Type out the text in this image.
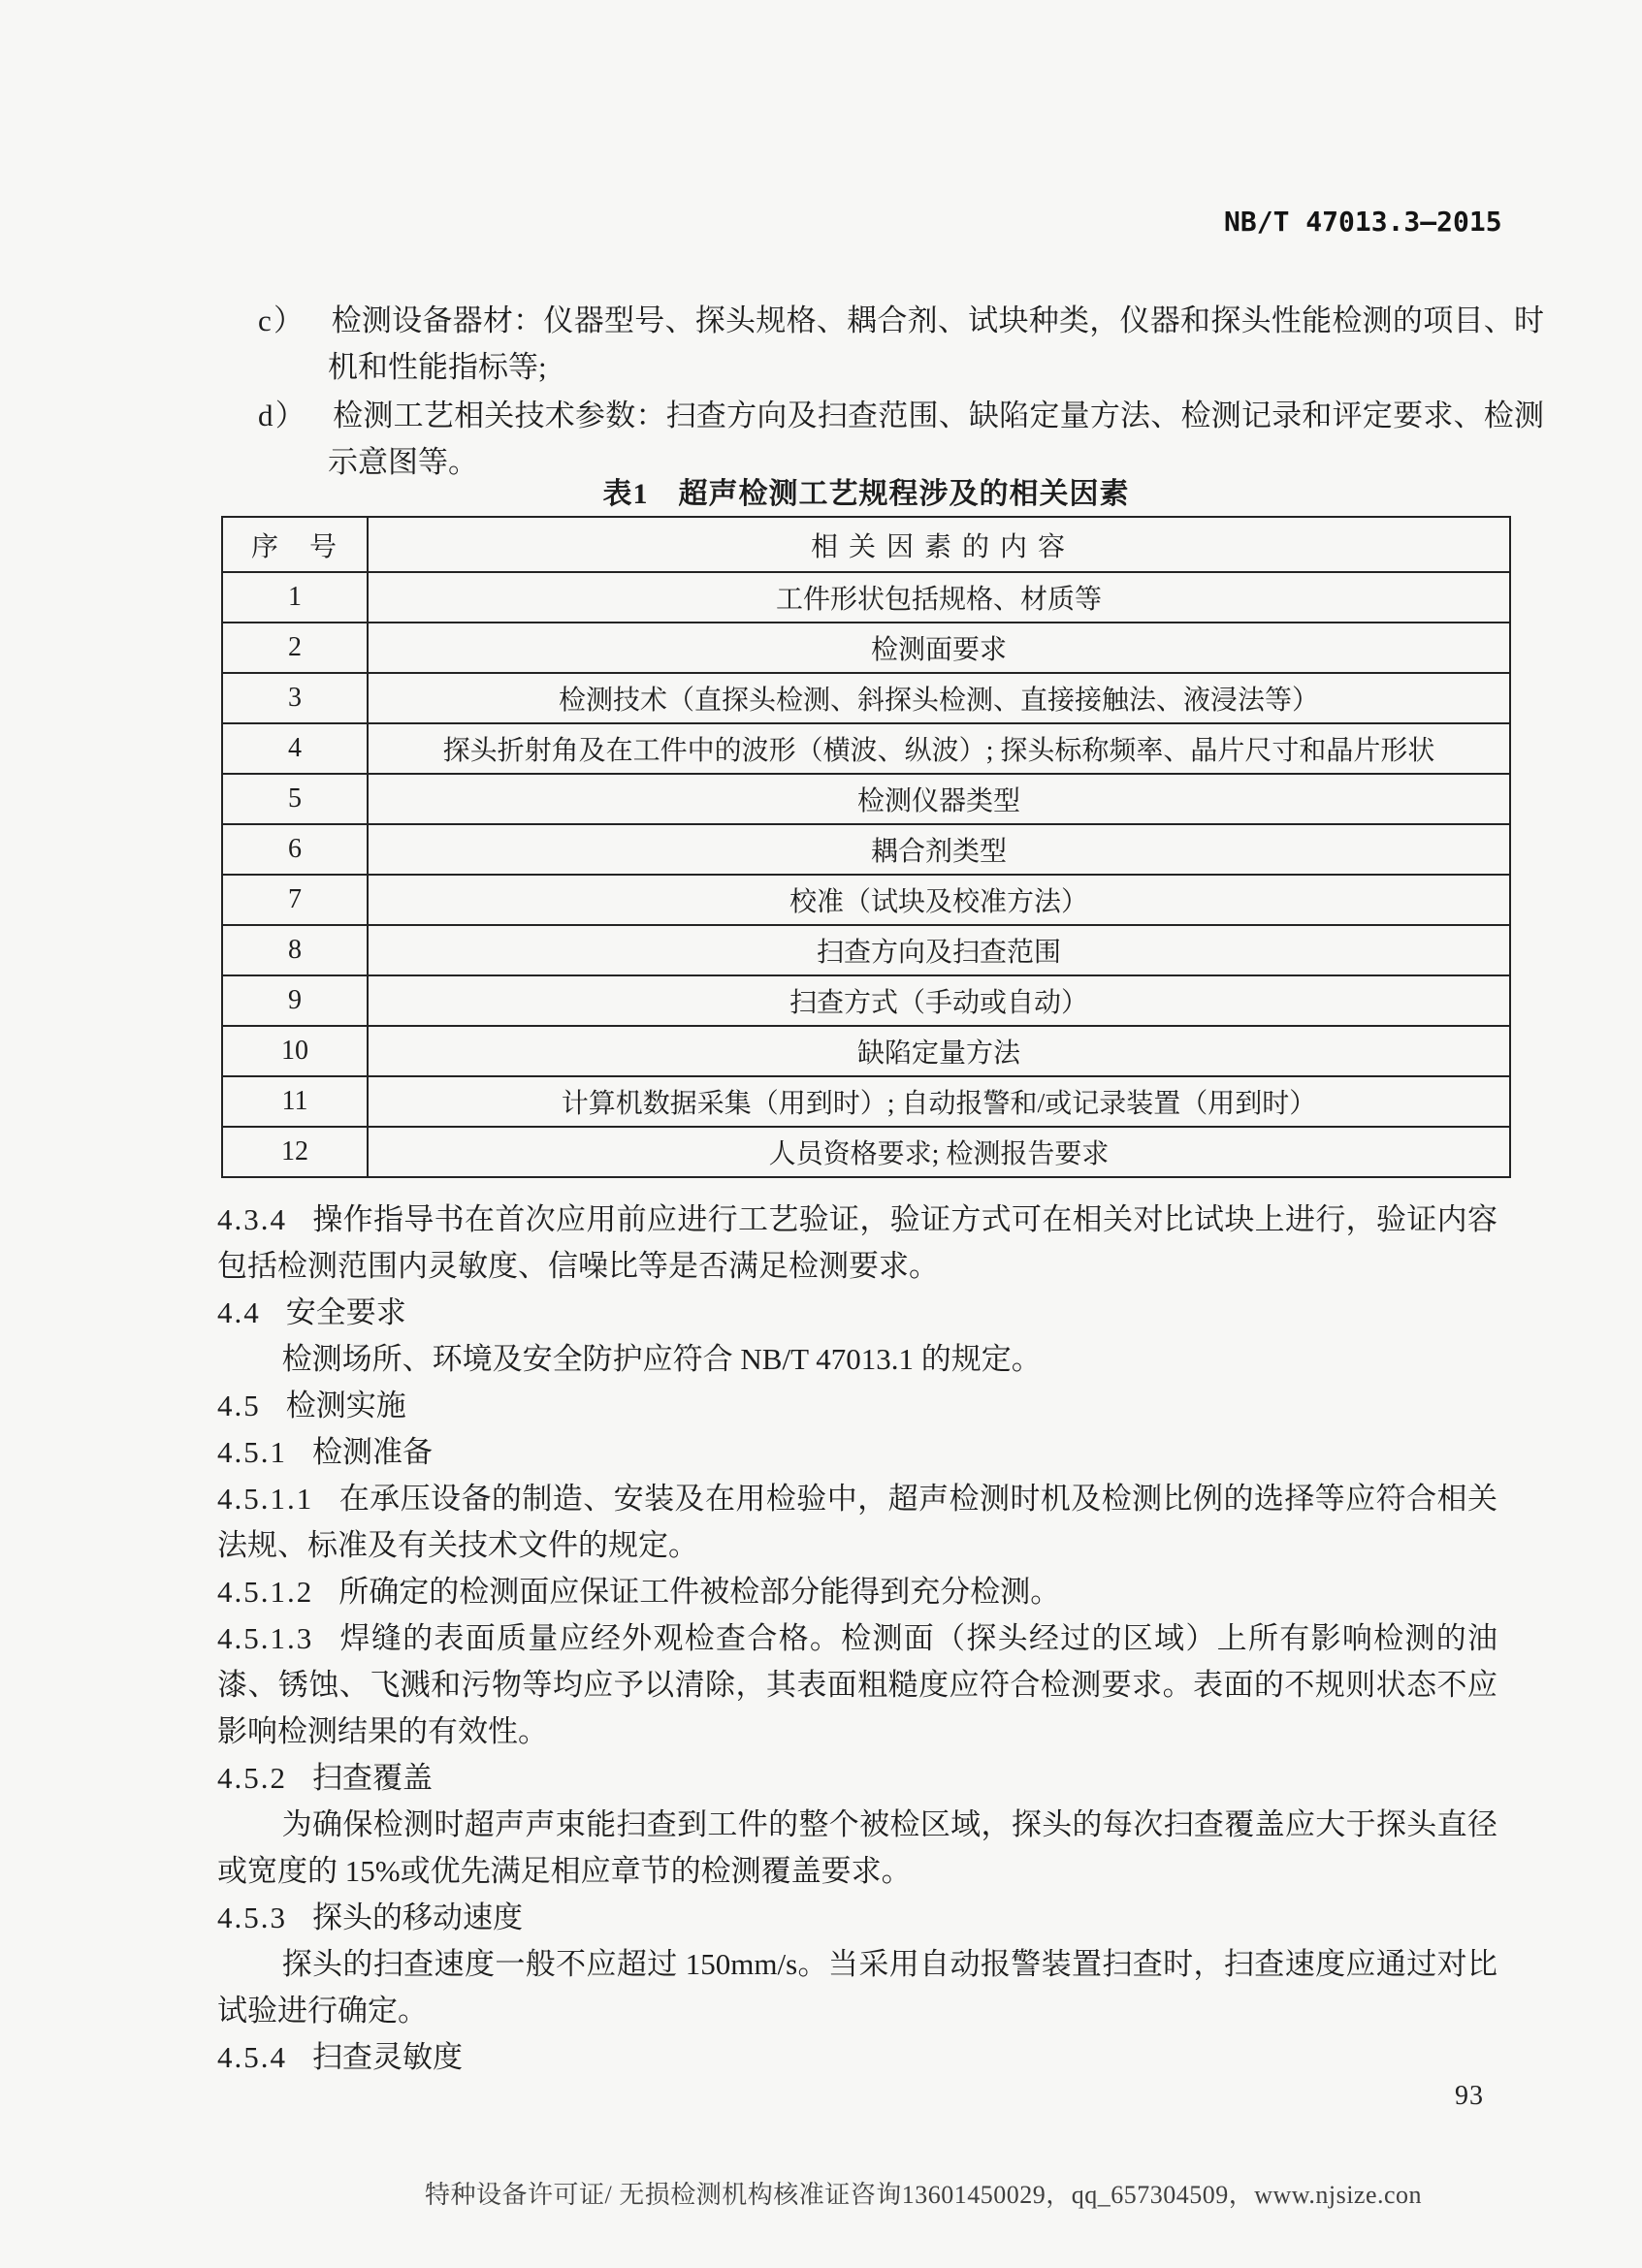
NB/T 47013.3—2015

c） 检测设备器材：仪器型号、探头规格、耦合剂、试块种类，仪器和探头性能检测的项目、时机和性能指标等;

d） 检测工艺相关技术参数：扫查方向及扫查范围、缺陷定量方法、检测记录和评定要求、检测示意图等。

表1　超声检测工艺规程涉及的相关因素
序　号	相 关 因 素 的 内 容
1	工件形状包括规格、材质等
2	检测面要求
3	检测技术（直探头检测、斜探头检测、直接接触法、液浸法等）
4	探头折射角及在工件中的波形（横波、纵波）; 探头标称频率、晶片尺寸和晶片形状
5	检测仪器类型
6	耦合剂类型
7	校准（试块及校准方法）
8	扫查方向及扫查范围
9	扫查方式（手动或自动）
10	缺陷定量方法
11	计算机数据采集（用到时）; 自动报警和/或记录装置（用到时）
12	人员资格要求; 检测报告要求

4.3.4 操作指导书在首次应用前应进行工艺验证，验证方式可在相关对比试块上进行，验证内容包括检测范围内灵敏度、信噪比等是否满足检测要求。

4.4 安全要求

检测场所、环境及安全防护应符合 NB/T 47013.1 的规定。

4.5 检测实施

4.5.1 检测准备

4.5.1.1 在承压设备的制造、安装及在用检验中，超声检测时机及检测比例的选择等应符合相关法规、标准及有关技术文件的规定。

4.5.1.2 所确定的检测面应保证工件被检部分能得到充分检测。

4.5.1.3 焊缝的表面质量应经外观检查合格。检测面（探头经过的区域）上所有影响检测的油漆、锈蚀、飞溅和污物等均应予以清除，其表面粗糙度应符合检测要求。表面的不规则状态不应影响检测结果的有效性。

4.5.2 扫查覆盖

为确保检测时超声声束能扫查到工件的整个被检区域，探头的每次扫查覆盖应大于探头直径或宽度的 15%或优先满足相应章节的检测覆盖要求。

4.5.3 探头的移动速度

探头的扫查速度一般不应超过 150mm/s。当采用自动报警装置扫查时，扫查速度应通过对比试验进行确定。

4.5.4 扫查灵敏度

93
特种设备许可证/ 无损检测机构核准证咨询13601450029，qq_657304509，www.njsize.con
